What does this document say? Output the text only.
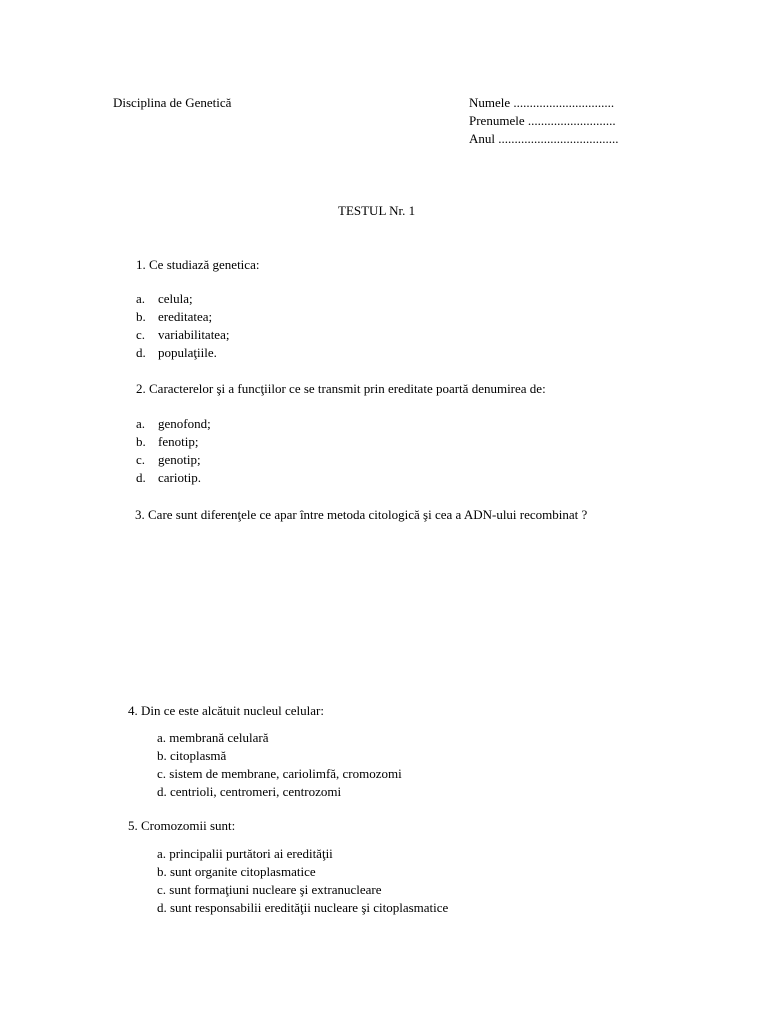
Disciplina de Genetică	Numele ...............................
Prenumele ...........................
Anul .....................................
TESTUL Nr. 1
1. Ce studiază genetica:
a. celula;
b. ereditatea;
c. variabilitatea;
d. populaţiile.
2. Caracterelor şi a funcţiilor ce se transmit prin ereditate poartă denumirea de:
a. genofond;
b. fenotip;
c. genotip;
d. cariotip.
3. Care sunt diferenţele ce apar între metoda citologică şi cea a ADN-ului recombinat ?
4. Din ce este alcătuit nucleul celular:
a. membrană celulară
b. citoplasmă
c. sistem de membrane, cariolimfă, cromozomi
d. centrioli, centromeri, centrozomi
5. Cromozomii sunt:
a. principalii purtători ai eredităţii
b. sunt organite citoplasmatice
c. sunt formaţiuni nucleare şi extranucleare
d. sunt responsabilii eredităţii nucleare şi citoplasmatice
